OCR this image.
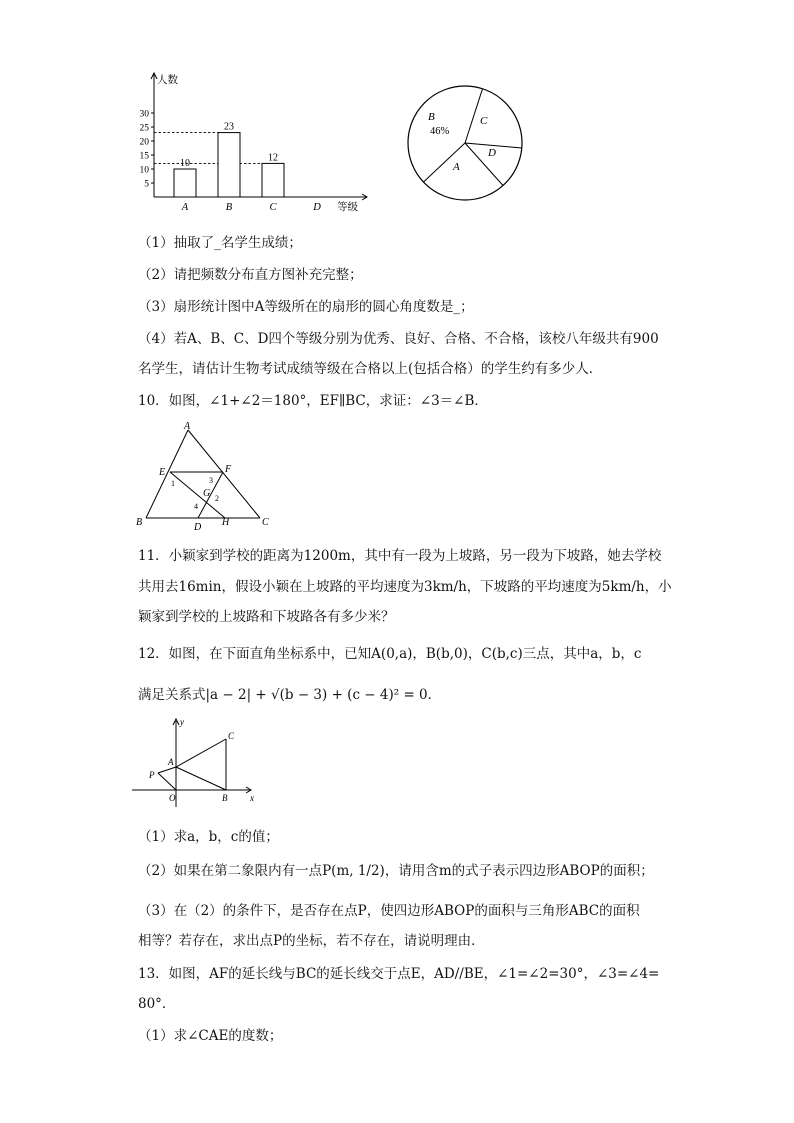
人数
等级
5
10
15
20
25
30
10
A
23
B
12
C	D
B
46%
C
D
A
（1）抽取了_名学生成绩；
（2）请把频数分布直方图补充完整；
（3）扇形统计图中A等级所在的扇形的圆心角度数是_；
（4）若A、B、C、D四个等级分别为优秀、良好、合格、不合格，该校八年级共有900
名学生，请估计生物考试成绩等级在合格以上(包括合格）的学生约有多少人．
10．如图，∠1+∠2＝180°，EF∥BC，求证：∠3＝∠B．
A
E	F
1	3
G 2
4
B	D H	C
11．小颖家到学校的距离为1200m，其中有一段为上坡路，另一段为下坡路，她去学校
共用去16min，假设小颖在上坡路的平均速度为3km/h，下坡路的平均速度为5km/h，小
颖家到学校的上坡路和下坡路各有多少米？
12．如图，在下面直角坐标系中，已知A(0,a)，B(b,0)，C(b,c)三点，其中a，b，c
满足关系式|a − 2| + √(b − 3) + (c − 4)² = 0．
y
C
A
P
O	B	x
（1）求a，b，c的值；
（2）如果在第二象限内有一点P(m, 1/2)，请用含m的式子表示四边形ABOP的面积；
（3）在（2）的条件下，是否存在点P，使四边形ABOP的面积与三角形ABC的面积
相等？若存在，求出点P的坐标，若不存在，请说明理由．
13．如图，AF的延长线与BC的延长线交于点E，AD//BE，∠1=∠2=30°，∠3=∠4=
80°．
（1）求∠CAE的度数；
